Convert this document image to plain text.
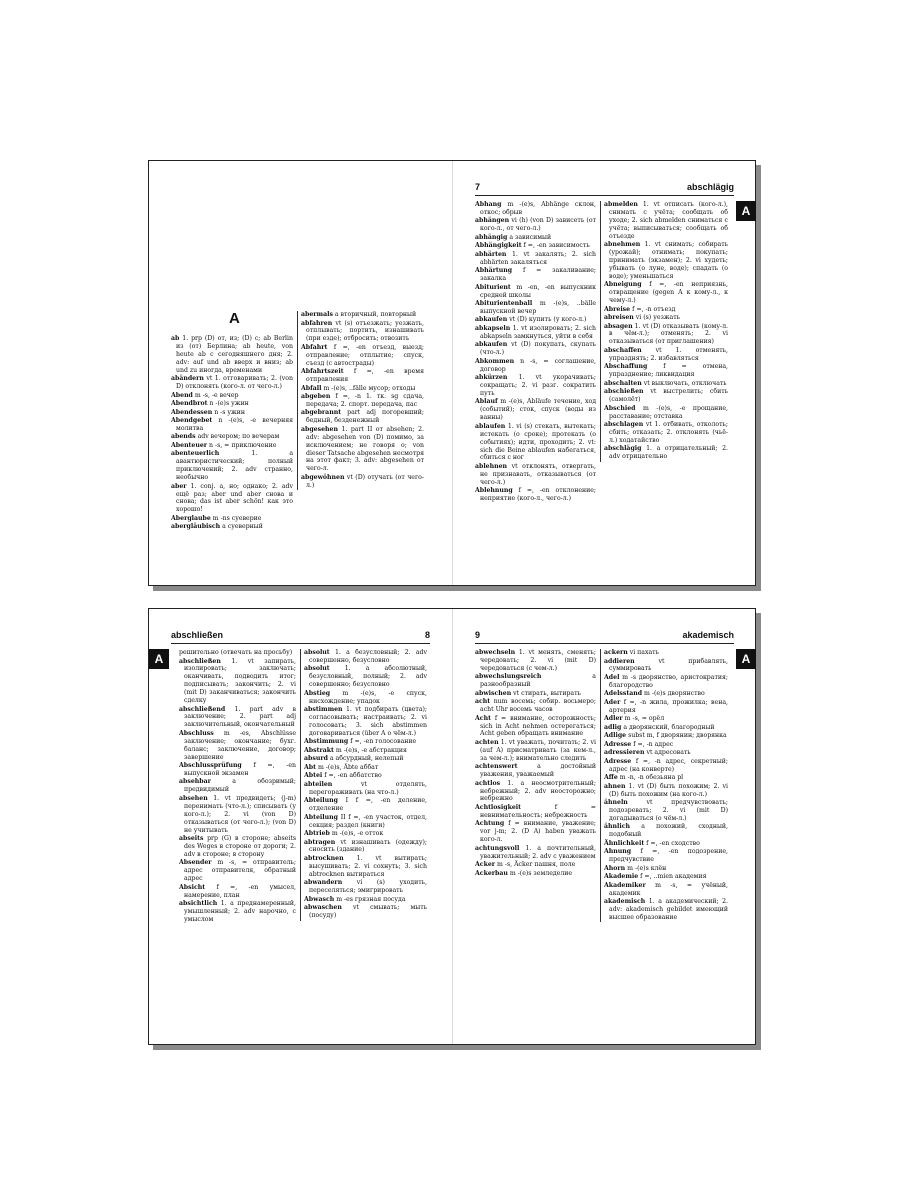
A
ab 1. prp (D) от, из; (D) с; ab Berlin из (от) Берлина; ab heute, von heute ab с сегодняшнего дня; 2. adv: auf und ab вверх и вниз; ab und zu иногда, временами
abändern vt 1. отговаривать; 2. (von D) отклонять (кого-л. от чего-л.)
Abend m -s, -e вечер
Abendbrot n -(e)s ужин
Abendessen n -s ужин
Abendgebet n -(e)s, -e вечерняя молитва
abends adv вечером; по вечерам
Abenteuer n -s, = приключение
abenteuerlich	1. a авантюристический; полный приключений; 2. adv странно, необычно
aber 1. conj. а, но; однако; 2. adv ещё раз; aber und aber снова и снова; das ist aber schön! как это хорошо!
Aberglaube m -ns суеверие
abergläubisch a суеверный
abermals a вторичный, повторный
abfahren vt (s) отъезжать; уезжать, отплывать; портить, изнашивать (при езде); отбросить; отвозить
Abfahrt f =, -en отъезд, выезд; отправление; отплытие; спуск, съезд (с автострады)
Abfahrtszeit f =, -en время отправления
Abfall m -(e)s, ..fälle мусор; отходы
abgeben f =, -n 1. тк. sg сдача, передача; 2. спорт. передача, пас
abgebrannt part adj погоревший; бедный, безденежный
abgesehen 1. part II от absehen; 2. adv: abgesehen von (D) помимо, за исключением; не говоря о; von dieser Tatsache abgesehen несмотря на этот факт; 3. adv: abgesehen от чего-л.
abgewöhnen vt (D) отучать (от чего-л.)
7	abschlägig
A
Abhang m -(e)s, Abhänge склон, откос; обрыв
abhängen vi (h) (von D) зависеть (от кого-л., от чего-л.)
abhängig a зависимый
Abhängigkeit f =, -en зависимость
abhärten 1. vt закалять; 2. sich abhärten закаляться
Abhärtung f = закаливание; закалка
Abiturient m -en, -en выпускник средней школы
Abiturientenball m -(e)s, ..bälle выпускной вечер
abkaufen vt (D) купить (у кого-л.)
abkapseln 1. vt изолировать; 2. sich abkapseln замкнуться, уйти в себя
abkaufen vt (D) покупать, скупать (что-л.)
Abkommen n -s, = соглашение, договор
abkürzen 1. vt укорачивать; сокращать; 2. vi разг. сократить путь
Ablauf m -(e)s, Abläufe течение, ход (событий); сток, спуск (воды из ванны)
ablaufen 1. vi (s) стекать, вытекать; истекать (о сроке); протекать (о событиях); идти, проходить; 2. vt: sich die Beine ablaufen набегаться, сбиться с ног
ablehnen vt отклонять, отвергать, не признавать, отказываться (от чего-л.)
Ablehnung f =, -en отклонение; неприятие (кого-л., чего-л.)
abmelden 1. vt отписать (кого-л.), снимать с учёта; сообщать об уходе; 2. sich abmelden сниматься с учёта; выписываться; сообщать об отъезде
abnehmen 1. vt снимать; собирать (урожай); отнимать; покупать; принимать (экзамен); 2. vi худеть; убывать (о луне, воде); спадать (о воде); уменьшаться
Abneigung f =, -en неприязнь, отвращение (gegen A к кому-л., к чему-л.)
Abreise f =, -n отъезд
abreisen vi (s) уезжать
absagen 1. vt (D) отказывать (кому-л. в чём-л.); отменять; 2. vi отказываться (от приглашения)
abschaffen vt 1. отменять, упразднять; 2. избавляться
Abschaffung	f = отмена, упразднение; ликвидация
abschalten vt выключать, отключать
abschießen vt выстрелить; сбить (самолёт)
Abschied m -(e)s, -e прощание, расставание; отставка
abschlagen vt 1. отбивать, отколоть; сбить; отказать; 2. отклонять (чьё-л.) ходатайство
abschlägig 1. a отрицательный; 2. adv отрицательно
abschließen	8
A	решительно (отвечать на просьбу)
abschließen 1. vt запирать, изолировать; заключать; оканчивать, подводить итог; подписывать; закончить; 2. vi (mit D) заканчиваться; закончить сделку
abschließend 1. part adv в заключение; 2. part adj заключительный, окончательный
Abschluss m -es, Abschlüsse заключение; окончание; бухг. баланс; заключение, договор; завершение
Abschlussprüfung f =, -en выпускной экзамен
absehbar	a обозримый; предвидимый
absehen 1. vt предвидеть; (j-m) перенимать (что-л.); списывать (у кого-л.); 2. vi (von D) отказываться (от чего-л.); (von D) не учитывать
abseits prp (G) в стороне; abseits des Weges в стороне от дороги; 2. adv в стороне; в сторону
Absender m -s, = отправитель; адрес отправителя, обратный адрес
Absicht f =, -en умысел, намерение, план
absichtlich 1. a преднамеренный, умышленный; 2. adv нарочно, с умыслом
absolut 1. a безусловный; 2. adv совершенно, безусловно
absolut 1. a абсолютный, безусловный, полный; 2. adv совершенно; безусловно
Abstieg m -(e)s, -e спуск, нисхождение; упадок
abstimmen 1. vt подбирать (цвета); согласовывать; настраивать; 2. vi голосовать; 3. sich abstimmen договариваться (über A о чём-л.)
Abstimmung f =, -en голосование
Abstrakt m -(e)s, -e абстракция
absurd a абсурдный, нелепый
Abt m -(e)s, Äbte аббат
Abtei f =, -en аббатство
abteilen	vt отделять, перегораживать (на что-л.)
Abteilung I f =, -en деление, отделение
Abteilung II f =, -en участок, отдел, секция; раздел (книги)
Abtrieb m -(e)s, -e отток
abtragen vt изнашивать (одежду); сносить (здание)
abtrocknen 1. vt вытирать; высушивать; 2. vi сохнуть; 3. sich abtrocknen вытираться
abwandern vi (s) уходить, переселяться; эмигрировать
Abwasch m -es грязная посуда
abwaschen vt смывать; мыть (посуду)
9	akademisch
A
abwechseln 1. vt менять, сменять; чередовать; 2. vi (mit D) чередоваться (с чем-л.)
abwechslungsreich	a разнообразный
abwischen vt стирать, вытирать
acht num восемь; собир. восьмеро; acht Uhr восемь часов
Acht f = внимание, осторожность; sich in Acht nehmen остерегаться; Acht geben обращать внимание
achten 1. vt уважать, почитать; 2. vi (auf A) присматривать (за кем-л., за чем-л.); внимательно следить
achtenswert	a достойный уважения, уважаемый
achtlos 1. a неосмотрительный; небрежный; 2. adv неосторожно; небрежно
Achtlosigkeit	f = невнимательность; небрежность
Achtung f = внимание, уважение; vor j-m; 2. (D A) haben уважать кого-л.
achtungsvoll 1. a почтительный, уважительный; 2. adv с уважением
Acker m -s, Äcker пашня, поле
Ackerbau m -(e)s земледелие
ackern vi пахать
addieren	vt прибавлять, суммировать
Adel m -s дворянство, аристократия; благородство
Adelsstand m -(e)s дворянство
Ader f =, -n жила, прожилка; вена, артерия
Adler m -s, = орёл
adlig a дворянский, благородный
Adlige subst m, f дворянин; дворянка
Adresse f =, -n адрес
adressieren vt адресовать
Adresse f =, -n адрес, секретный; адрес (на конверте)
Affe m -n, -n обезьяна pl
ahnen 1. vt (D) быть похожим; 2. vi (D) быть похожим (на кого-л.)
ähneln	vt предчувствовать; подозревать; 2. vi (mit D) догадываться (о чём-л.)
ähnlich a похожий, сходный, подобный
Ähnlichkeit f =, -en сходство
Ahnung f =, -en подозрение, предчувствие
Ahorn m -(e)s клён
Akademie f =, ..mien академия
Akademiker m -s, = учёный, академик
akademisch 1. a академический; 2. adv: akademisch gebildet имеющий высшее образование
